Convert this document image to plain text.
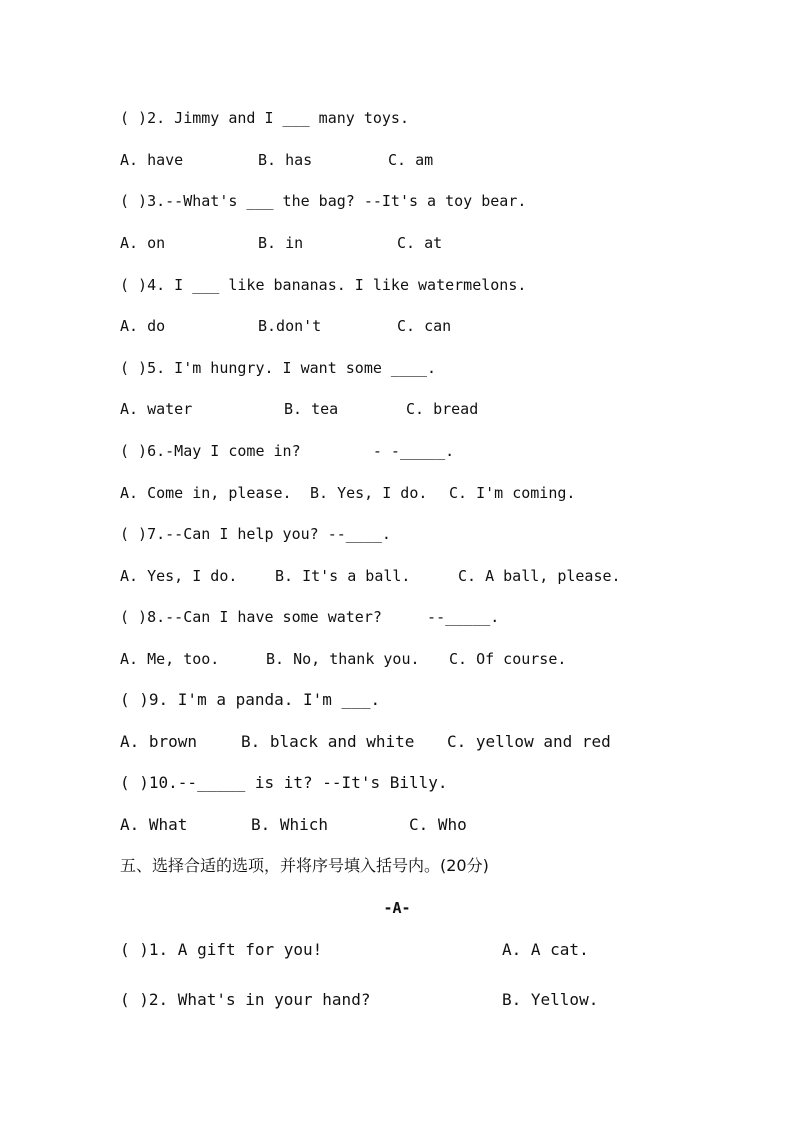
( )2. Jimmy and I ___ many toys.
A. have	B. has	C. am
( )3.--What's ___ the bag? --It's a toy bear.
A. on	B. in	C. at
( )4. I ___ like bananas. I like watermelons.
A. do	B.don't	C. can
( )5. I'm hungry. I want some ____.
A. water	B. tea	C. bread
( )6.-May I come in?        - -_____.
A. Come in, please. B. Yes, I do. C. I'm coming.
( )7.--Can I help you? --____.
A. Yes, I do.	B. It's a ball.	C. A ball, please.
( )8.--Can I have some water?     --_____.
A. Me, too.	B. No, thank you. C. Of course.
( )9. I'm a panda. I'm ___.
A. brown	B. black and white C. yellow and red
( )10.--_____ is it? --It's Billy.
A. What	B. Which	C. Who
五、选择合适的选项，并将序号填入括号内。(20分)
-A-
( )1. A gift for you!	A. A cat.
( )2. What's in your hand?	B. Yellow.
